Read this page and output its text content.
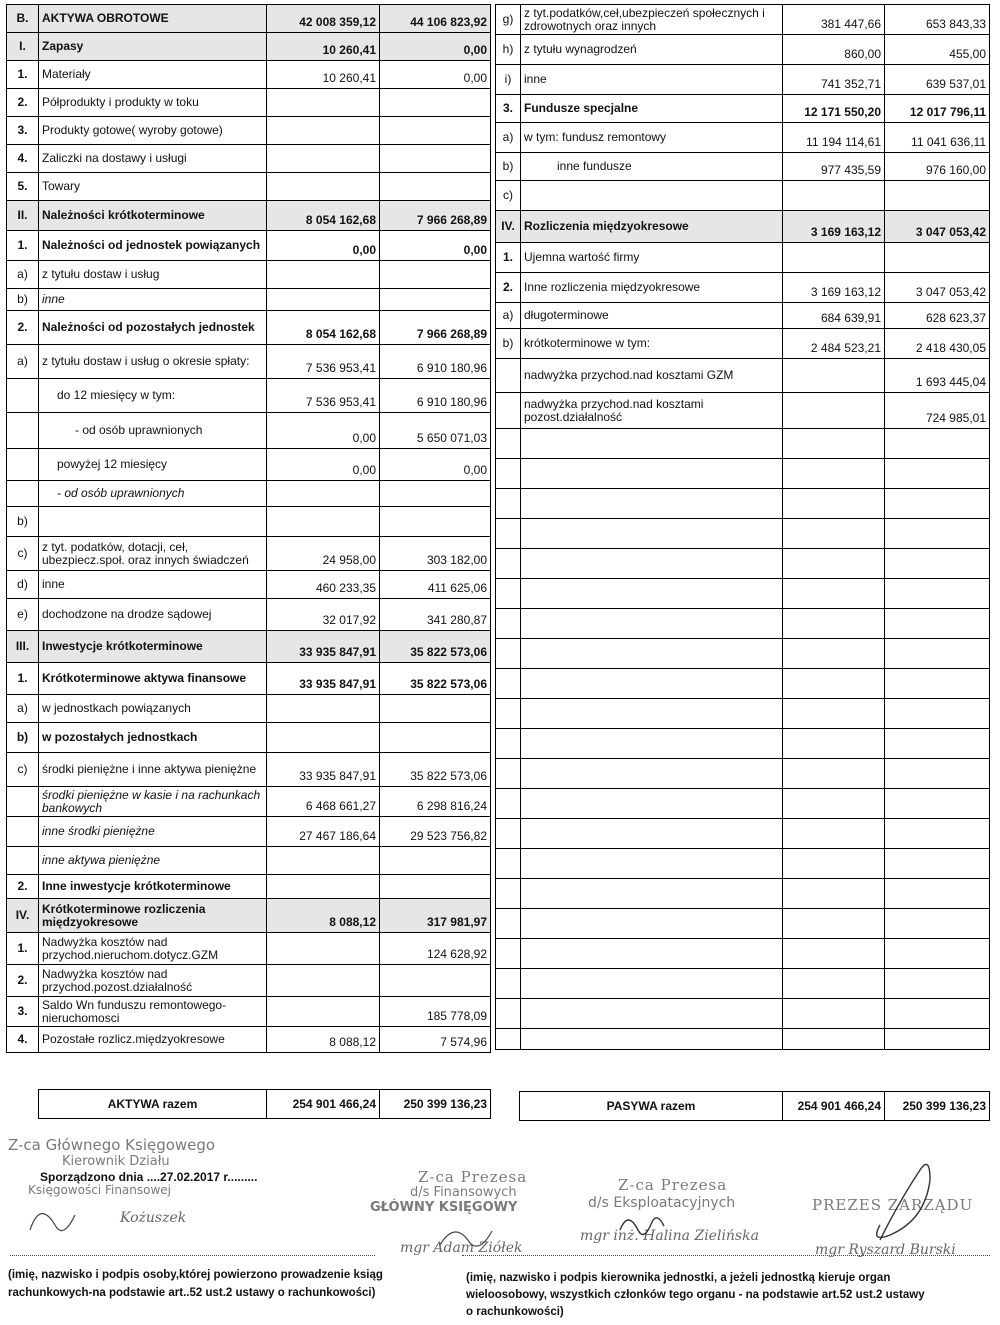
B.	AKTYWA OBROTOWE	42 008 359,12	44 106 823,92
I.	Zapasy	10 260,41	0,00
1.	Materiały	10 260,41	0,00
2.	Półprodukty i produkty w toku		
3.	Produkty gotowe( wyroby gotowe)		
4.	Zaliczki na dostawy i usługi		
5.	Towary		
II.	Należności krótkoterminowe	8 054 162,68	7 966 268,89
1.	Należności od jednostek powiązanych	0,00	0,00
a)	z tytułu dostaw i usług		
b)	inne		
2.	Należności od pozostałych jednostek	8 054 162,68	7 966 268,89
a)	z tytułu dostaw i usług o okresie spłaty:	7 536 953,41	6 910 180,96
	do 12 miesięcy w tym:	7 536 953,41	6 910 180,96
	- od osób uprawnionych	0,00	5 650 071,03
	powyżej 12 miesięcy	0,00	0,00
	- od osób uprawnionych		
b)			
c)	z tyt. podatków, dotacji, ceł, ubezpiecz.społ. oraz innych świadczeń	24 958,00	303 182,00
d)	inne	460 233,35	411 625,06
e)	dochodzone na drodze sądowej	32 017,92	341 280,87
III.	Inwestycje krótkoterminowe	33 935 847,91	35 822 573,06
1.	Krótkoterminowe aktywa finansowe	33 935 847,91	35 822 573,06
a)	w jednostkach powiązanych		
b)	w pozostałych jednostkach		
c)	środki pieniężne i inne aktywa pieniężne	33 935 847,91	35 822 573,06
	środki pieniężne w kasie i na rachunkach bankowych	6 468 661,27	6 298 816,24
	inne środki pieniężne	27 467 186,64	29 523 756,82
	inne aktywa pieniężne		
2.	Inne inwestycje krótkoterminowe		
IV.	Krótkoterminowe rozliczenia międzyokresowe	8 088,12	317 981,97
1.	Nadwyżka kosztów nad przychod.nieruchom.dotycz.GZM		124 628,92
2.	Nadwyżka kosztów nad przychod.pozost.działalność		
3.	Saldo Wn funduszu remontowego-nieruchomosci		185 778,09
4.	Pozostałe rozlicz.międzyokresowe	8 088,12	7 574,96
g)	z tyt.podatków,ceł,ubezpieczeń społecznych i zdrowotnych oraz innych	381 447,66	653 843,33
h)	z tytułu wynagrodzeń	860,00	455,00
i)	inne	741 352,71	639 537,01
3.	Fundusze specjalne	12 171 550,20	12 017 796,11
a)	w tym: fundusz remontowy	11 194 114,61	11 041 636,11
b)	inne fundusze	977 435,59	976 160,00
c)			
IV.	Rozliczenia międzyokresowe	3 169 163,12	3 047 053,42
1.	Ujemna wartość firmy		
2.	Inne rozliczenia międzyokresowe	3 169 163,12	3 047 053,42
a)	długoterminowe	684 639,91	628 623,37
b)	krótkoterminowe w tym:	2 484 523,21	2 418 430,05
	nadwyżka przychod.nad kosztami GZM		1 693 445,04
	nadwyżka przychod.nad kosztami pozost.działalność		724 985,01

AKTYWA razem	254 901 466,24	250 399 136,23	PASYWA razem	254 901 466,24	250 399 136,23
Z-ca Głównego Księgowego
Kierownik Działu
Księgowości Finansowej
Sporządzono dnia ....27.02.2017 r.........
Kożuszek
Z-ca Prezesa
d/s Finansowych
GŁÓWNY KSIĘGOWY
mgr Adam Ziółek
Z-ca Prezesa
d/s Eksploatacyjnych
mgr inż. Halina Zielińska
PREZES ZARZĄDU
mgr Ryszard Burski
(imię, nazwisko i podpis osoby,której powierzono prowadzenie ksiąg rachunkowych-na podstawie art..52 ust.2 ustawy o rachunkowości)
(imię, nazwisko i podpis kierownika jednostki, a jeżeli jednostką kieruje organ wieloosobowy, wszystkich członków tego organu - na podstawie art.52 ust.2 ustawy o rachunkowości)
